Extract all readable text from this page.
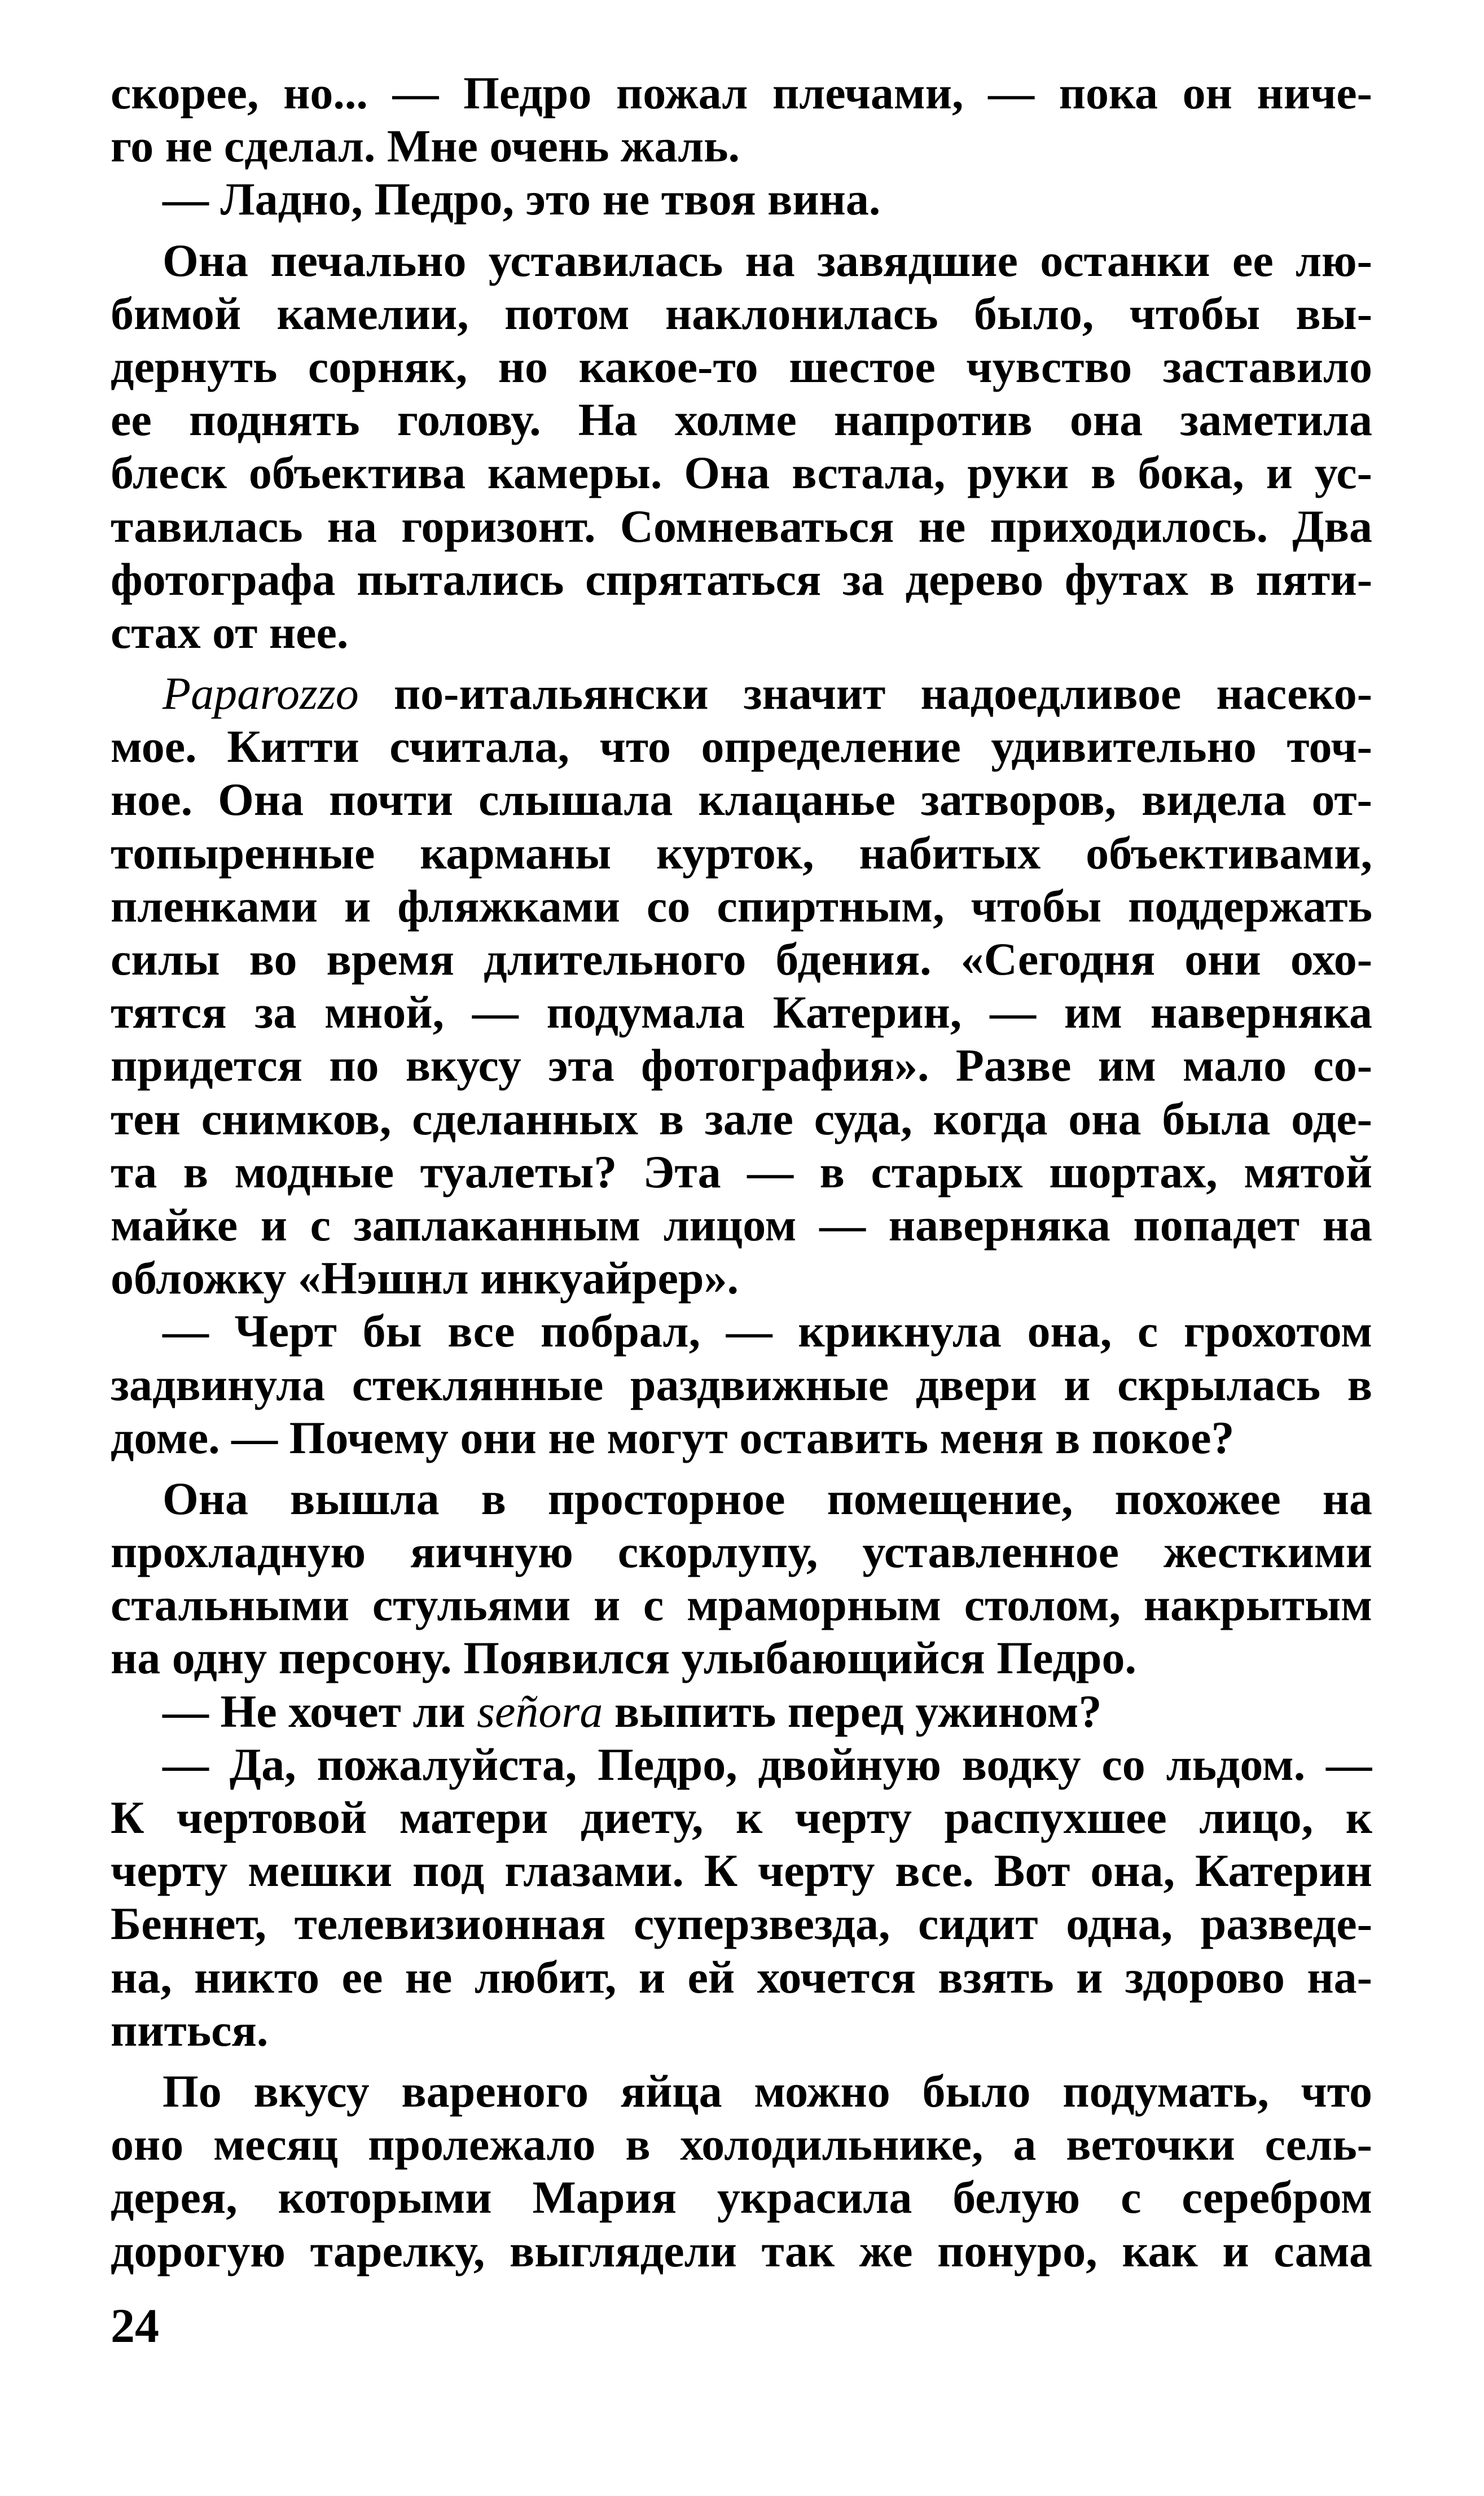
скорее, но... — Педро пожал плечами, — пока он ниче-
го не сделал. Мне очень жаль.
— Ладно, Педро, это не твоя вина.
Она печально уставилась на завядшие останки ее лю-
бимой камелии, потом наклонилась было, чтобы вы-
дернуть сорняк, но какое-то шестое чувство заставило
ее поднять голову. На холме напротив она заметила
блеск объектива камеры. Она встала, руки в бока, и ус-
тавилась на горизонт. Сомневаться не приходилось. Два
фотографа пытались спрятаться за дерево футах в пяти-
стах от нее.
Paparozzo по-итальянски значит надоедливое насеко-
мое. Китти считала, что определение удивительно точ-
ное. Она почти слышала клацанье затворов, видела от-
топыренные карманы курток, набитых объективами,
пленками и фляжками со спиртным, чтобы поддержать
силы во время длительного бдения. «Сегодня они охо-
тятся за мной, — подумала Катерин, — им наверняка
придется по вкусу эта фотография». Разве им мало со-
тен снимков, сделанных в зале суда, когда она была оде-
та в модные туалеты? Эта — в старых шортах, мятой
майке и с заплаканным лицом — наверняка попадет на
обложку «Нэшнл инкуайрер».
— Черт бы все побрал, — крикнула она, с грохотом
задвинула стеклянные раздвижные двери и скрылась в
доме. — Почему они не могут оставить меня в покое?
Она вышла в просторное помещение, похожее на
прохладную яичную скорлупу, уставленное жесткими
стальными стульями и с мраморным столом, накрытым
на одну персону. Появился улыбающийся Педро.
— Не хочет ли señora выпить перед ужином?
— Да, пожалуйста, Педро, двойную водку со льдом. —
К чертовой матери диету, к черту распухшее лицо, к
черту мешки под глазами. К черту все. Вот она, Катерин
Беннет, телевизионная суперзвезда, сидит одна, разведе-
на, никто ее не любит, и ей хочется взять и здорово на-
питься.
По вкусу вареного яйца можно было подумать, что
оно месяц пролежало в холодильнике, а веточки сель-
дерея, которыми Мария украсила белую с серебром
дорогую тарелку, выглядели так же понуро, как и сама
24
